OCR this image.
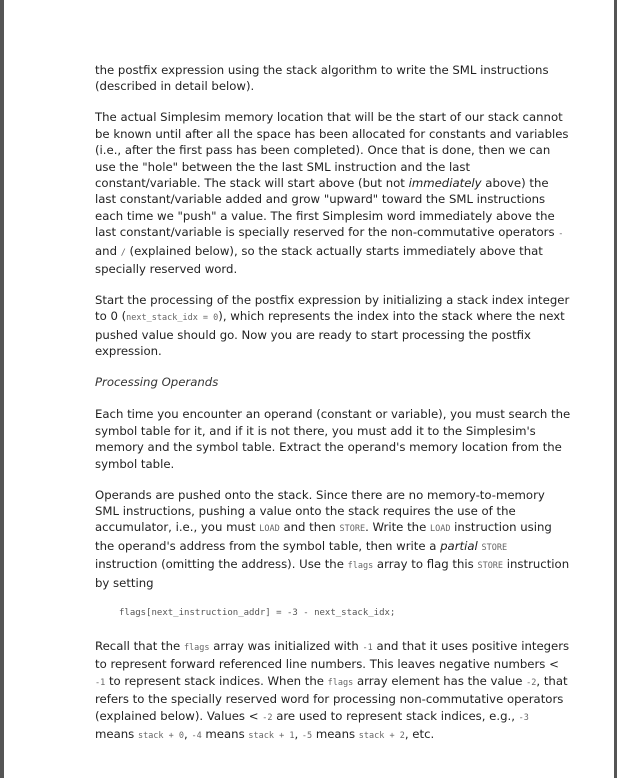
the postfix expression using the stack algorithm to write the SML instructions (described in detail below).

The actual Simplesim memory location that will be the start of our stack cannot be known until after all the space has been allocated for constants and variables (i.e., after the first pass has been completed). Once that is done, then we can use the "hole" between the the last SML instruction and the last constant/variable. The stack will start above (but not immediately above) the last constant/variable added and grow "upward" toward the SML instructions each time we "push" a value. The first Simplesim word immediately above the last constant/variable is specially reserved for the non-commutative operators - and / (explained below), so the stack actually starts immediately above that specially reserved word.

Start the processing of the postfix expression by initializing a stack index integer to 0 (next_stack_idx = 0), which represents the index into the stack where the next pushed value should go. Now you are ready to start processing the postfix expression.

Processing Operands

Each time you encounter an operand (constant or variable), you must search the symbol table for it, and if it is not there, you must add it to the Simplesim's memory and the symbol table. Extract the operand's memory location from the symbol table.

Operands are pushed onto the stack. Since there are no memory-to-memory SML instructions, pushing a value onto the stack requires the use of the accumulator, i.e., you must LOAD and then STORE. Write the LOAD instruction using the operand's address from the symbol table, then write a partial STORE instruction (omitting the address). Use the flags array to flag this STORE instruction by setting

flags[next_instruction_addr] = -3 - next_stack_idx;

Recall that the flags array was initialized with -1 and that it uses positive integers to represent forward referenced line numbers. This leaves negative numbers < -1 to represent stack indices. When the flags array element has the value -2, that refers to the specially reserved word for processing non-commutative operators (explained below). Values < -2 are used to represent stack indices, e.g., -3 means stack + 0, -4 means stack + 1, -5 means stack + 2, etc.
